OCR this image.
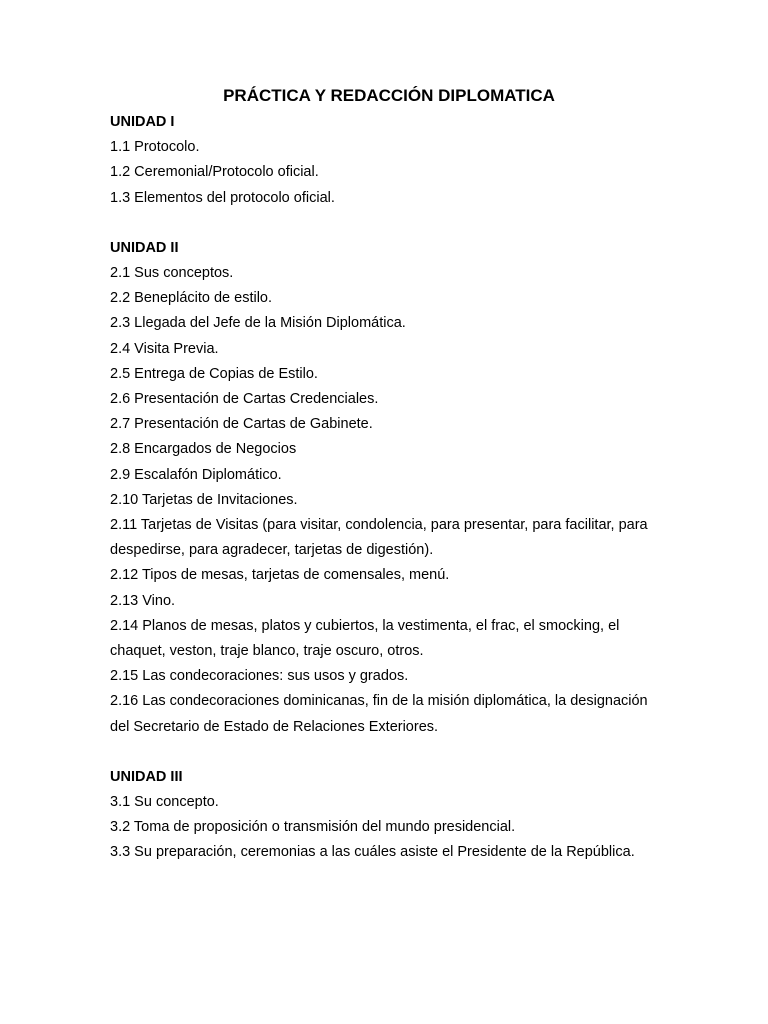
PRÁCTICA Y REDACCIÓN DIPLOMATICA
UNIDAD I
1.1 Protocolo.
1.2 Ceremonial/Protocolo oficial.
1.3 Elementos del protocolo oficial.
UNIDAD II
2.1 Sus conceptos.
2.2 Beneplácito de estilo.
2.3 Llegada del Jefe de la Misión Diplomática.
2.4 Visita Previa.
2.5 Entrega de Copias de Estilo.
2.6 Presentación de Cartas Credenciales.
2.7 Presentación de Cartas de Gabinete.
2.8 Encargados de Negocios
2.9 Escalafón Diplomático.
2.10 Tarjetas de Invitaciones.
2.11 Tarjetas de Visitas (para visitar, condolencia, para presentar, para facilitar, para despedirse, para agradecer, tarjetas de digestión).
2.12 Tipos de mesas, tarjetas de comensales, menú.
2.13 Vino.
2.14 Planos de mesas, platos y cubiertos, la vestimenta, el frac, el smocking, el chaquet, veston, traje blanco, traje oscuro, otros.
2.15 Las condecoraciones: sus usos y grados.
2.16 Las condecoraciones dominicanas, fin de la misión diplomática, la designación del Secretario de Estado de Relaciones Exteriores.
UNIDAD III
3.1 Su concepto.
3.2 Toma de proposición o transmisión del mundo presidencial.
3.3 Su preparación, ceremonias a las cuáles asiste el Presidente de la República.
